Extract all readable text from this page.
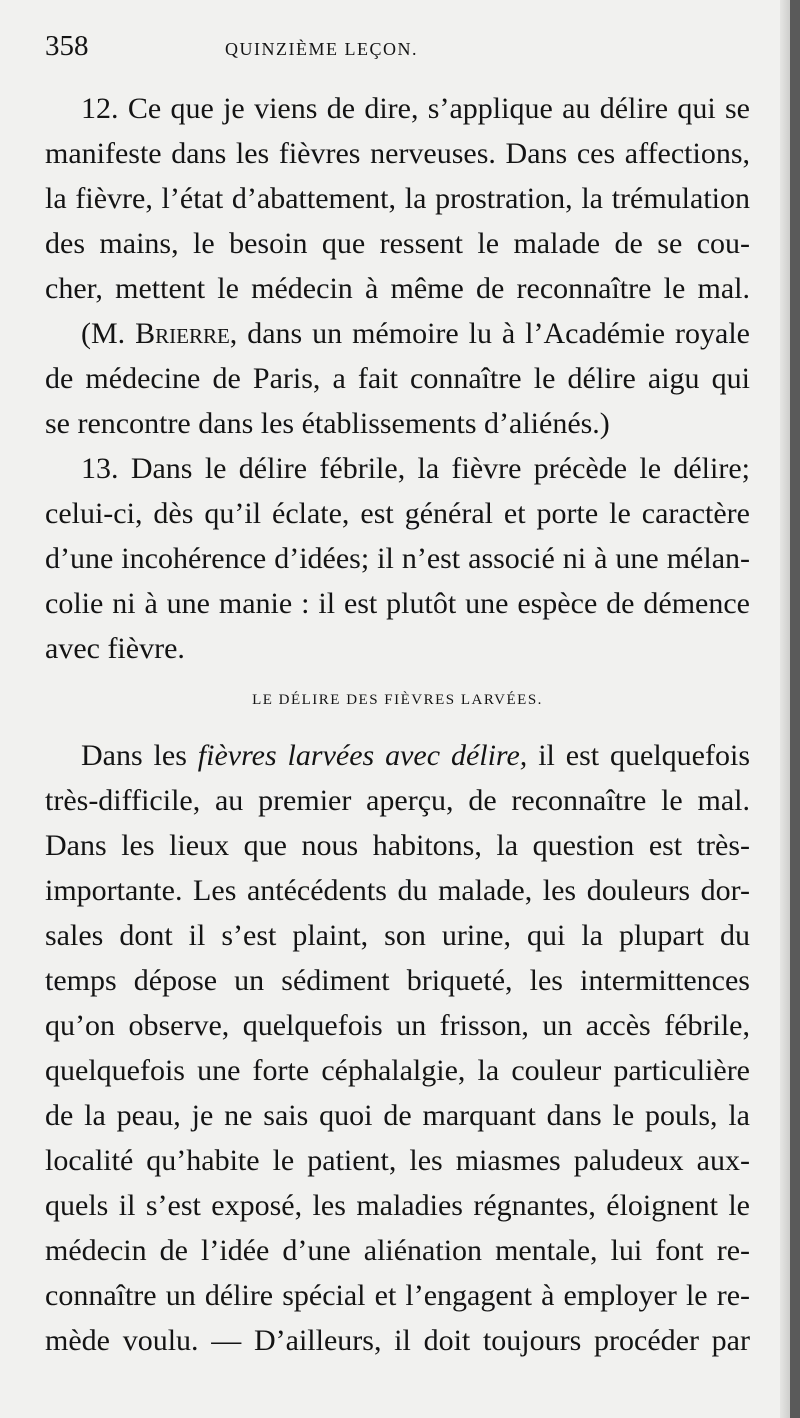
358	QUINZIÈME LEÇON.
12. Ce que je viens de dire, s’applique au délire qui se
manifeste dans les fièvres nerveuses. Dans ces affections,
la fièvre, l’état d’abattement, la prostration, la trémulation
des mains, le besoin que ressent le malade de se cou-
cher, mettent le médecin à même de reconnaître le mal.
(M. Brierre, dans un mémoire lu à l’Académie royale
de médecine de Paris, a fait connaître le délire aigu qui
se rencontre dans les établissements d’aliénés.)
13. Dans le délire fébrile, la fièvre précède le délire;
celui-ci, dès qu’il éclate, est général et porte le caractère
d’une incohérence d’idées; il n’est associé ni à une mélan-
colie ni à une manie : il est plutôt une espèce de démence
avec fièvre.
LE DÉLIRE DES FIÈVRES LARVÉES.
Dans les fièvres larvées avec délire, il est quelquefois
très-difficile, au premier aperçu, de reconnaître le mal.
Dans les lieux que nous habitons, la question est très-
importante. Les antécédents du malade, les douleurs dor-
sales dont il s’est plaint, son urine, qui la plupart du
temps dépose un sédiment briqueté, les intermittences
qu’on observe, quelquefois un frisson, un accès fébrile,
quelquefois une forte céphalalgie, la couleur particulière
de la peau, je ne sais quoi de marquant dans le pouls, la
localité qu’habite le patient, les miasmes paludeux aux-
quels il s’est exposé, les maladies régnantes, éloignent le
médecin de l’idée d’une aliénation mentale, lui font re-
connaître un délire spécial et l’engagent à employer le re-
mède voulu. — D’ailleurs, il doit toujours procéder par
